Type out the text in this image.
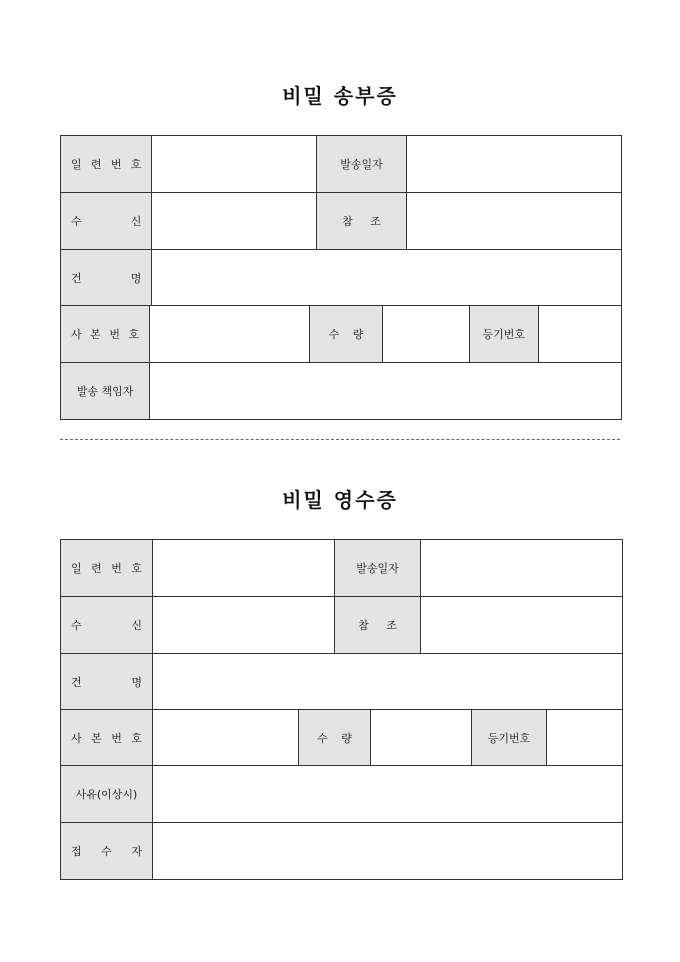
비밀 송부증
일 련 번 호		발송일자	

수 신		참 조	

건 명			

사 본 번 호		수 량		등기번호	
발송 책임자					
비밀 영수증
일 련 번 호		발송일자	

수 신		참 조	

건 명			

사 본 번 호		수 량		등기번호	
사유(이상시)					

접 수 자					
